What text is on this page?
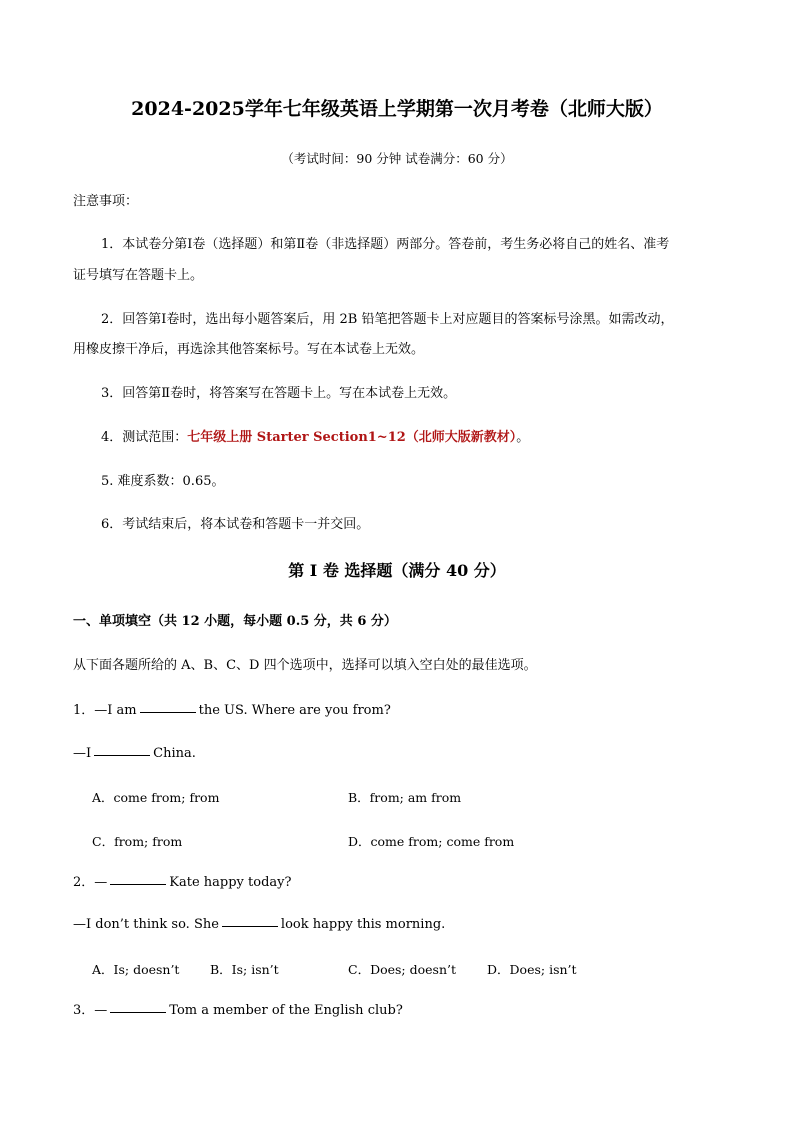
2024-2025学年七年级英语上学期第一次月考卷（北师大版）
（考试时间：90 分钟 试卷满分：60 分）
注意事项：
1．本试卷分第Ⅰ卷（选择题）和第Ⅱ卷（非选择题）两部分。答卷前，考生务必将自己的姓名、准考
证号填写在答题卡上。
2．回答第Ⅰ卷时，选出每小题答案后，用 2B 铅笔把答题卡上对应题目的答案标号涂黑。如需改动，
用橡皮擦干净后，再选涂其他答案标号。写在本试卷上无效。
3．回答第Ⅱ卷时，将答案写在答题卡上。写在本试卷上无效。
4．测试范围：七年级上册 Starter Section1~12（北师大版新教材）。
5. 难度系数：0.65。
6．考试结束后，将本试卷和答题卡一并交回。
第 I 卷 选择题（满分 40 分）
一、单项填空（共 12 小题，每小题 0.5 分，共 6 分）
从下面各题所给的 A、B、C、D 四个选项中，选择可以填入空白处的最佳选项。
1．—I am	the US. Where are you from?
—I	China.
A．come from; from	B．from; am from
C．from; from	D．come from; come from
2．—	Kate happy today?
—I don’t think so. She	look happy this morning.
A．Is; doesn’t B．Is; isn’t	C．Does; doesn’t D．Does; isn’t
3．—	Tom a member of the English club?
